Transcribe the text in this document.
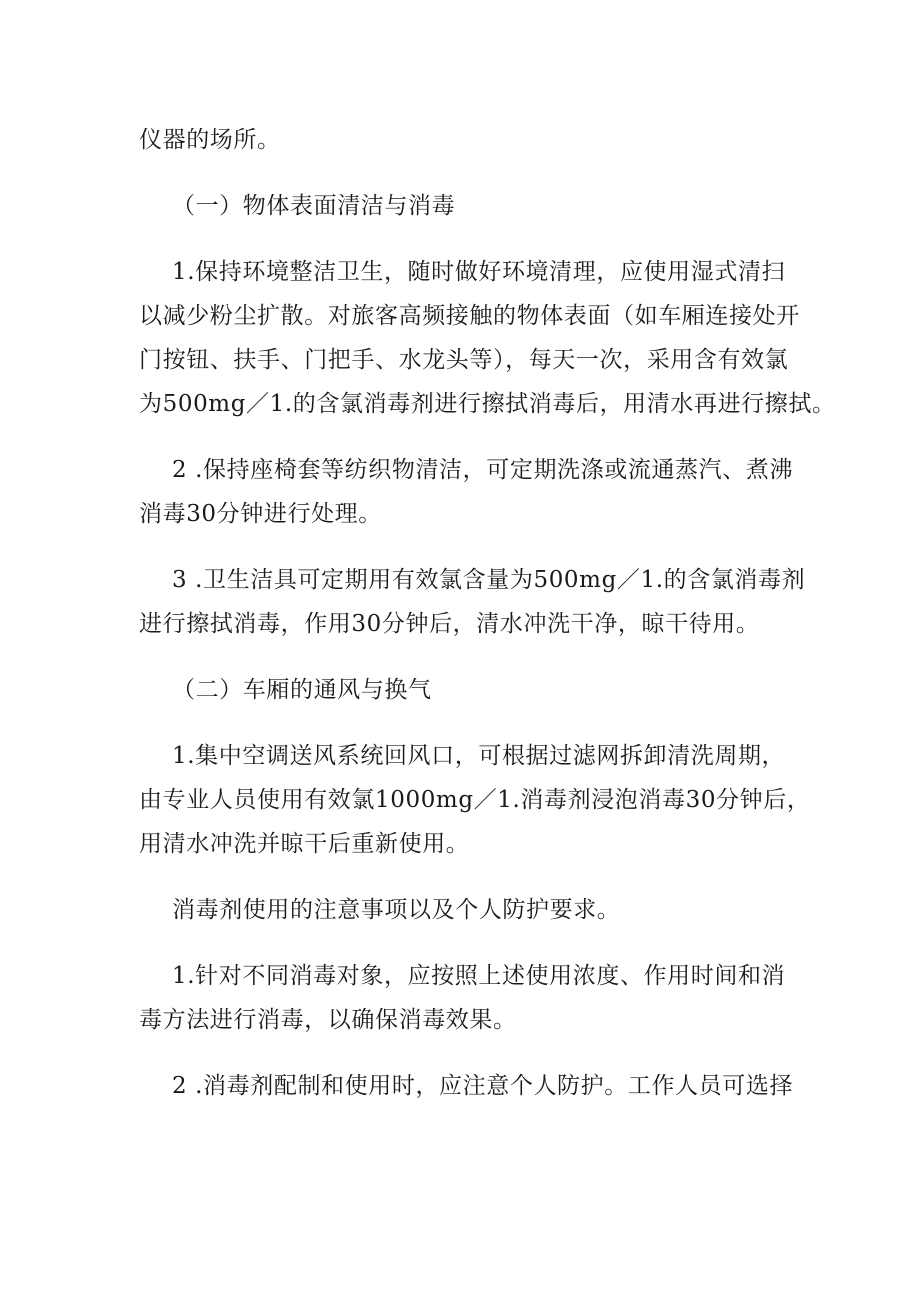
仪器的场所。
（一）物体表面清洁与消毒
1.保持环境整洁卫生，随时做好环境清理，应使用湿式清扫
以减少粉尘扩散。对旅客高频接触的物体表面（如车厢连接处开
门按钮、扶手、门把手、水龙头等），每天一次，采用含有效氯
为500mg／1.的含氯消毒剂进行擦拭消毒后，用清水再进行擦拭。
2 .保持座椅套等纺织物清洁，可定期洗涤或流通蒸汽、煮沸
消毒30分钟进行处理。
3 .卫生洁具可定期用有效氯含量为500mg／1.的含氯消毒剂
进行擦拭消毒，作用30分钟后，清水冲洗干净，晾干待用。
（二）车厢的通风与换气
1.集中空调送风系统回风口，可根据过滤网拆卸清洗周期，
由专业人员使用有效氯1000mg／1.消毒剂浸泡消毒30分钟后，
用清水冲洗并晾干后重新使用。
消毒剂使用的注意事项以及个人防护要求。
1.针对不同消毒对象，应按照上述使用浓度、作用时间和消
毒方法进行消毒，以确保消毒效果。
2 .消毒剂配制和使用时，应注意个人防护。工作人员可选择
